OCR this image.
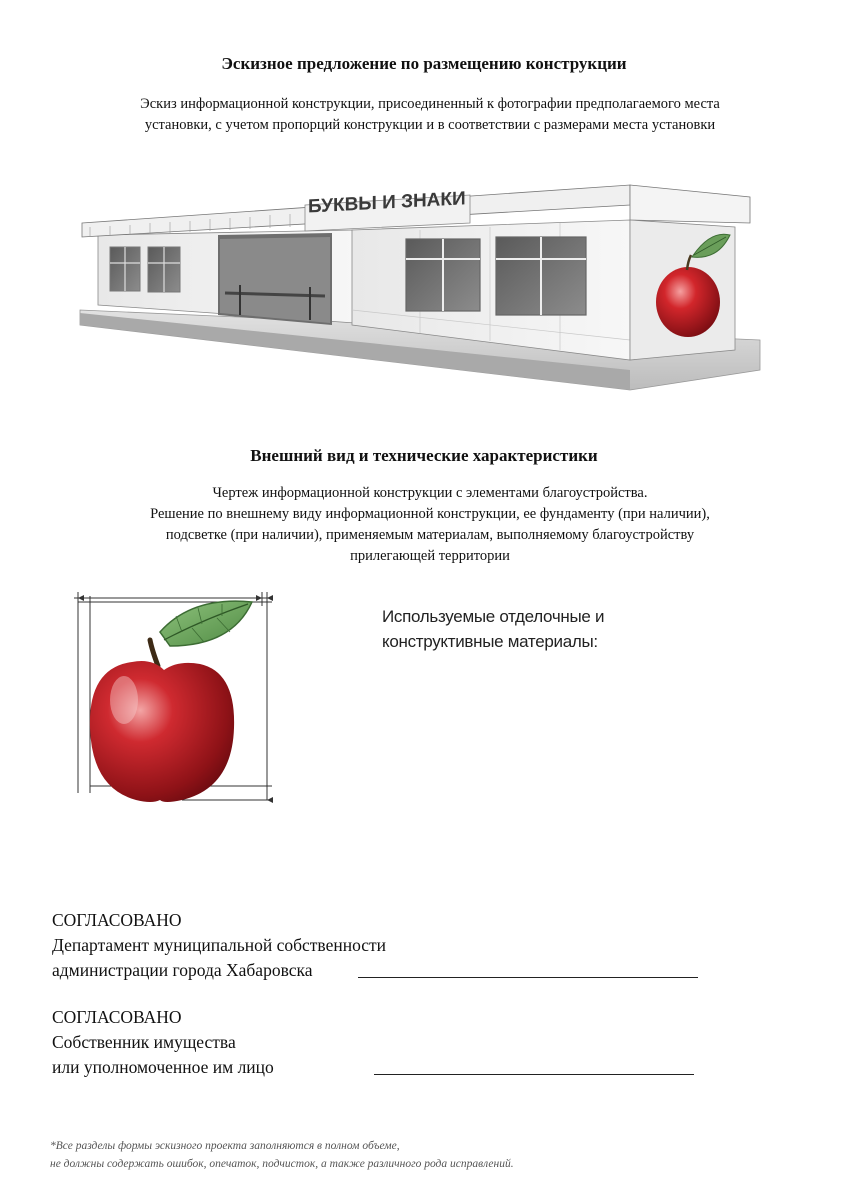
Эскизное предложение по размещению конструкции
Эскиз информационной конструкции, присоединенный к фотографии предполагаемого места
установки, с учетом пропорций конструкции и в соответствии с размерами места установки
БУКВЫ И ЗНАКИ
Внешний вид и технические характеристики
Чертеж информационной конструкции с элементами благоустройства.
Решение по внешнему виду информационной конструкции, ее фундаменту (при наличии),
подсветке (при наличии), применяемым материалам, выполняемому благоустройству
прилегающей территории
Используемые отделочные и
конструктивные материалы:
СОГЛАСОВАНО
Департамент муниципальной собственности
администрации города Хабаровска
СОГЛАСОВАНО
Собственник имущества
или уполномоченное им лицо
*Все разделы формы эскизного проекта заполняются в полном объеме,
не должны содержать ошибок, опечаток, подчисток, а также различного рода исправлений.
